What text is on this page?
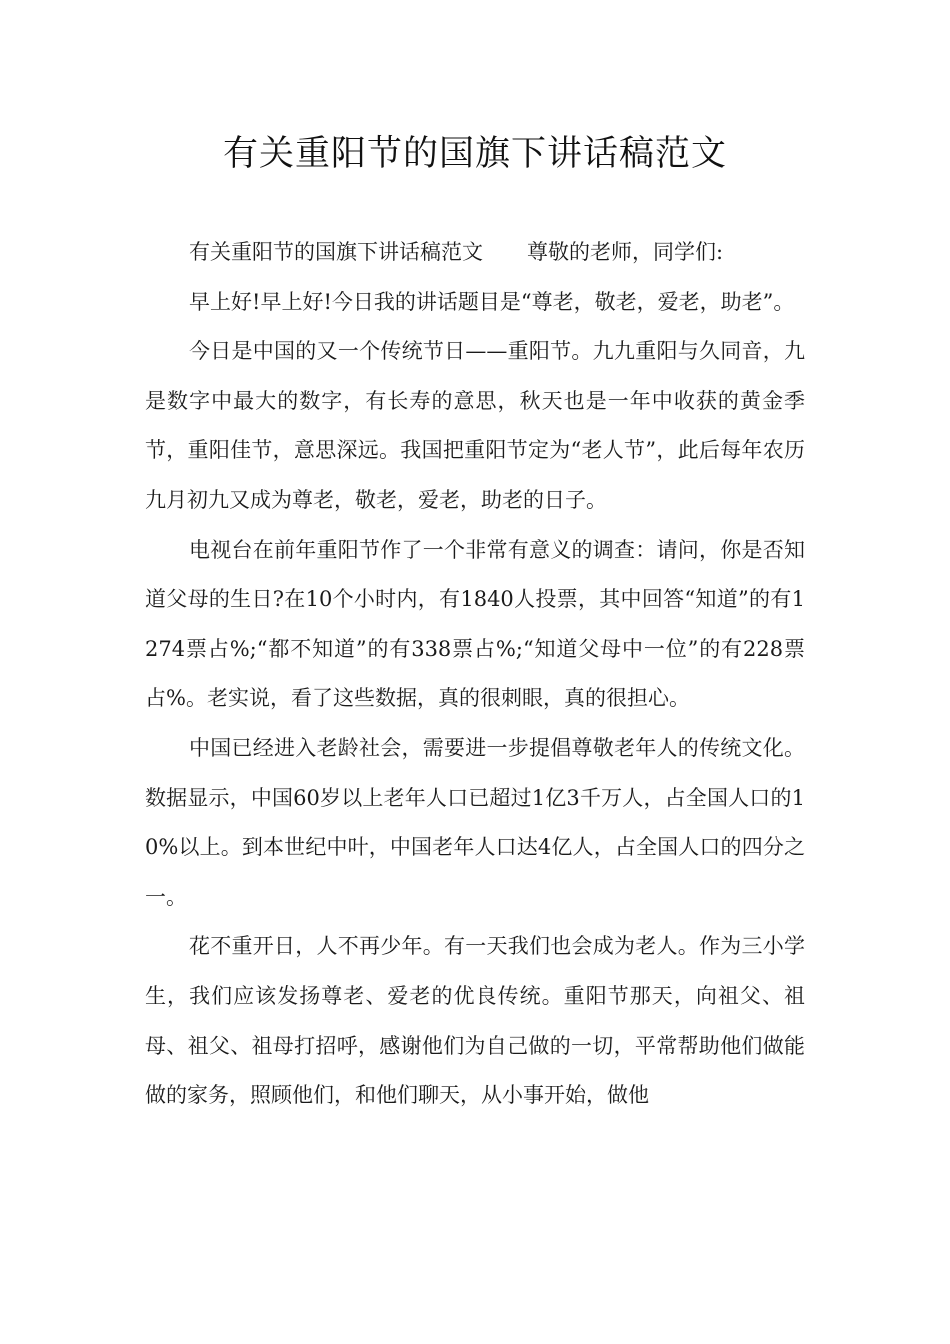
有关重阳节的国旗下讲话稿范文

有关重阳节的国旗下讲话稿范文 尊敬的老师，同学们:

早上好!早上好!今日我的讲话题目是“尊老，敬老，爱老，助老”。

今日是中国的又一个传统节日——重阳节。九九重阳与久同音，九是数字中最大的数字，有长寿的意思，秋天也是一年中收获的黄金季节，重阳佳节，意思深远。我国把重阳节定为“老人节”，此后每年农历九月初九又成为尊老，敬老，爱老，助老的日子。

电视台在前年重阳节作了一个非常有意义的调查：请问，你是否知道父母的生日?在10个小时内，有1840人投票，其中回答“知道”的有1274票占%;“都不知道”的有338票占%;“知道父母中一位”的有228票占%。老实说，看了这些数据，真的很刺眼，真的很担心。

中国已经进入老龄社会，需要进一步提倡尊敬老年人的传统文化。数据显示，中国60岁以上老年人口已超过1亿3千万人，占全国人口的10%以上。到本世纪中叶，中国老年人口达4亿人，占全国人口的四分之一。

花不重开日，人不再少年。有一天我们也会成为老人。作为三小学生，我们应该发扬尊老、爱老的优良传统。重阳节那天，向祖父、祖母、祖父、祖母打招呼，感谢他们为自己做的一切，平常帮助他们做能做的家务，照顾他们，和他们聊天，从小事开始，做他
